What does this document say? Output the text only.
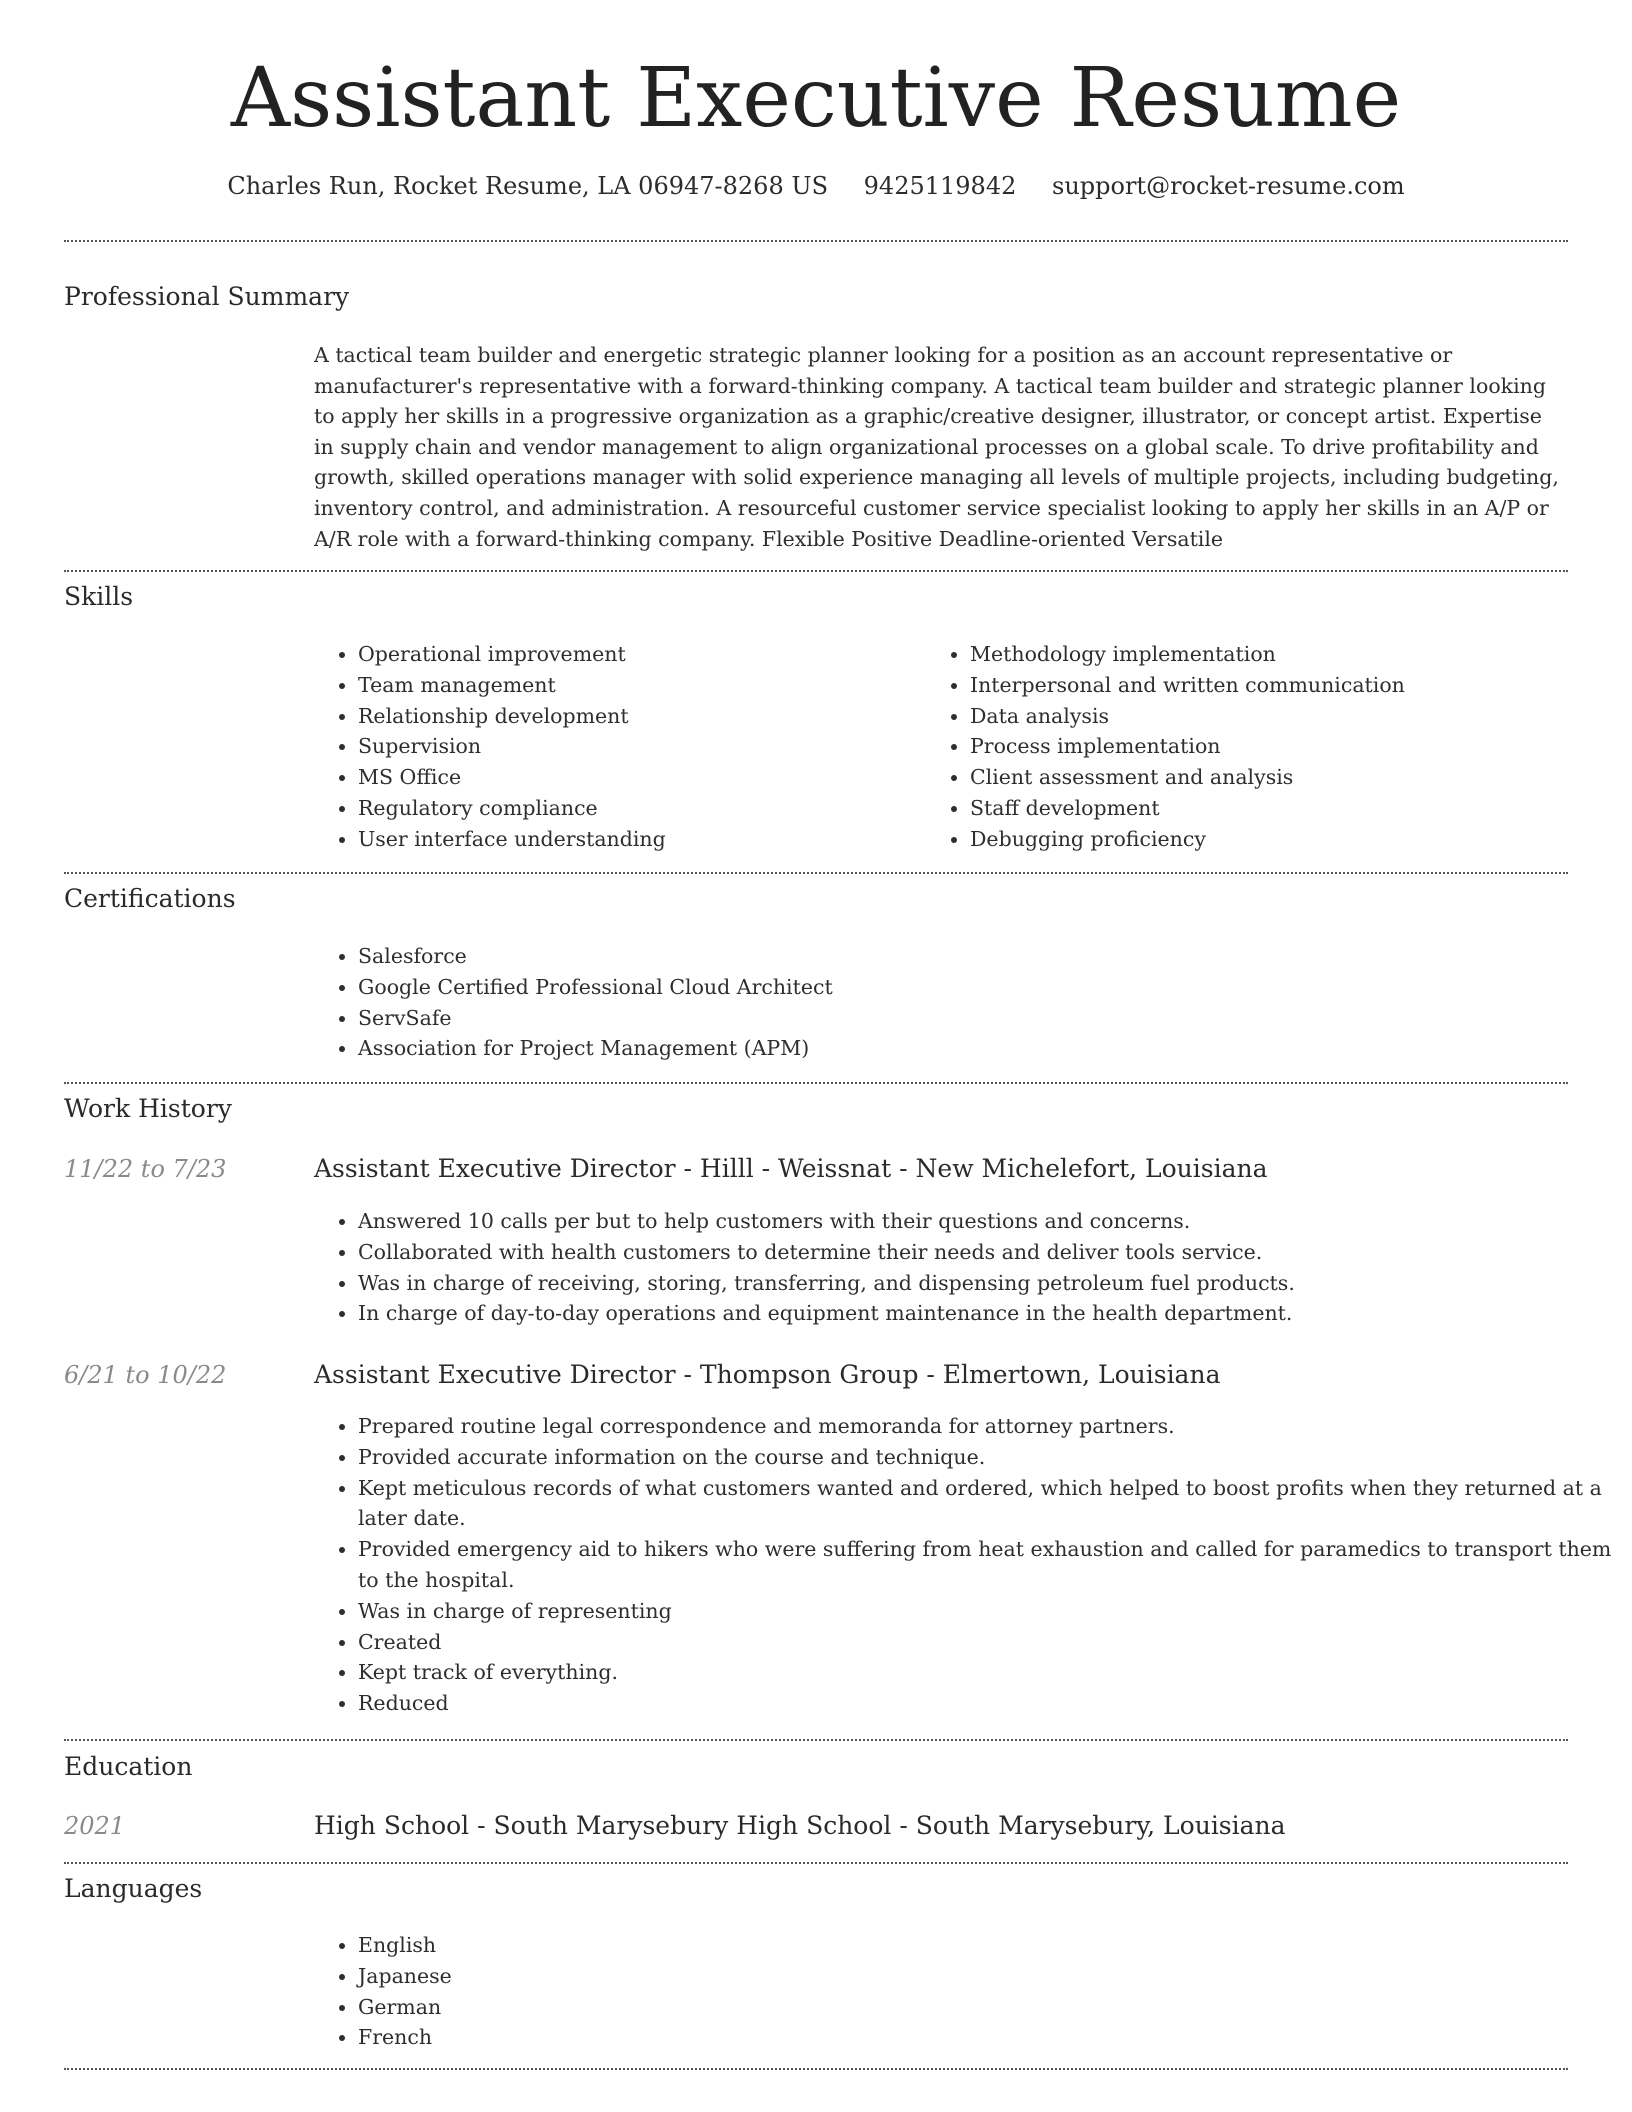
Assistant Executive Resume
Charles Run, Rocket Resume, LA 06947-8268 US 9425119842 support@rocket-resume.com
Professional Summary
A tactical team builder and energetic strategic planner looking for a position as an account representative or manufacturer's representative with a forward-thinking company. A tactical team builder and strategic planner looking to apply her skills in a progressive organization as a graphic/creative designer, illustrator, or concept artist. Expertise in supply chain and vendor management to align organizational processes on a global scale. To drive profitability and growth, skilled operations manager with solid experience managing all levels of multiple projects, including budgeting, inventory control, and administration. A resourceful customer service specialist looking to apply her skills in an A/P or A/R role with a forward-thinking company. Flexible Positive Deadline-oriented Versatile
Skills
• Operational improvement
• Team management
• Relationship development
• Supervision
• MS Office
• Regulatory compliance
• User interface understanding
• Methodology implementation
• Interpersonal and written communication
• Data analysis
• Process implementation
• Client assessment and analysis
• Staff development
• Debugging proficiency
Certifications
• Salesforce
• Google Certified Professional Cloud Architect
• ServSafe
• Association for Project Management (APM)
Work History
11/22 to 7/23	Assistant Executive Director - Hilll - Weissnat - New Michelefort, Louisiana
• Answered 10 calls per but to help customers with their questions and concerns.
• Collaborated with health customers to determine their needs and deliver tools service.
• Was in charge of receiving, storing, transferring, and dispensing petroleum fuel products.
• In charge of day-to-day operations and equipment maintenance in the health department.
6/21 to 10/22	Assistant Executive Director - Thompson Group - Elmertown, Louisiana
• Prepared routine legal correspondence and memoranda for attorney partners.
• Provided accurate information on the course and technique.
• Kept meticulous records of what customers wanted and ordered, which helped to boost profits when they returned at a later date.
• Provided emergency aid to hikers who were suffering from heat exhaustion and called for paramedics to transport them to the hospital.
• Was in charge of representing
• Created
• Kept track of everything.
• Reduced
Education
2021	High School - South Marysebury High School - South Marysebury, Louisiana
Languages
• English
• Japanese
• German
• French
